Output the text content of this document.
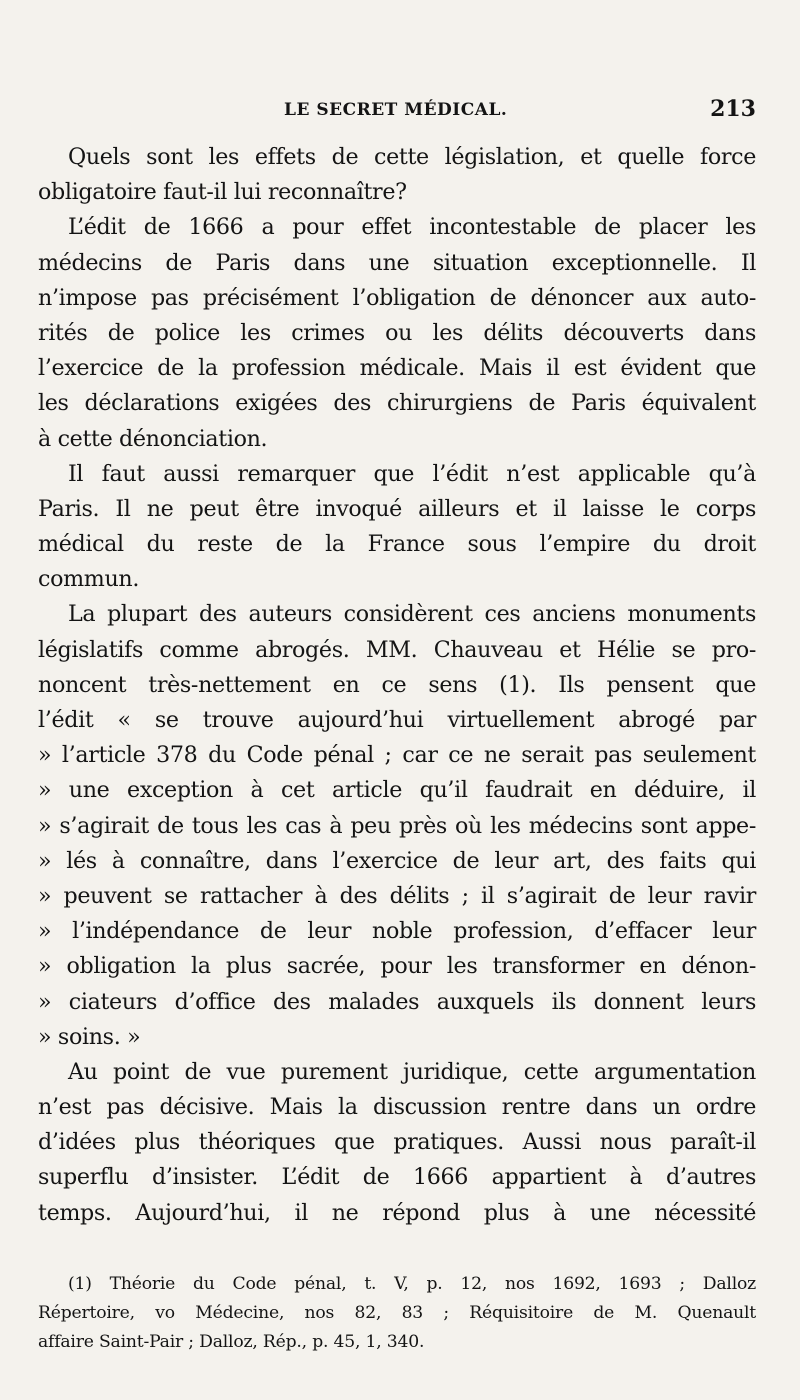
LE SECRET MÉDICAL.	213
Quels sont les effets de cette législation, et quelle force
obligatoire faut-il lui reconnaître?
L’édit de 1666 a pour effet incontestable de placer les
médecins de Paris dans une situation exceptionnelle. Il
n’impose pas précisément l’obligation de dénoncer aux auto-
rités de police les crimes ou les délits découverts dans
l’exercice de la profession médicale. Mais il est évident que
les déclarations exigées des chirurgiens de Paris équivalent
à cette dénonciation.
Il faut aussi remarquer que l’édit n’est applicable qu’à
Paris. Il ne peut être invoqué ailleurs et il laisse le corps
médical du reste de la France sous l’empire du droit
commun.
La plupart des auteurs considèrent ces anciens monuments
législatifs comme abrogés. MM. Chauveau et Hélie se pro-
noncent très-nettement en ce sens (1). Ils pensent que
l’édit « se trouve aujourd’hui virtuellement abrogé par
» l’article 378 du Code pénal ; car ce ne serait pas seulement
» une exception à cet article qu’il faudrait en déduire, il
» s’agirait de tous les cas à peu près où les médecins sont appe-
» lés à connaître, dans l’exercice de leur art, des faits qui
» peuvent se rattacher à des délits ; il s’agirait de leur ravir
» l’indépendance de leur noble profession, d’effacer leur
» obligation la plus sacrée, pour les transformer en dénon-
» ciateurs d’office des malades auxquels ils donnent leurs
» soins. »
Au point de vue purement juridique, cette argumentation
n’est pas décisive. Mais la discussion rentre dans un ordre
d’idées plus théoriques que pratiques. Aussi nous paraît-il
superflu d’insister. L’édit de 1666 appartient à d’autres
temps. Aujourd’hui, il ne répond plus à une nécessité
(1) Théorie du Code pénal, t. V, p. 12, nos 1692, 1693 ; Dalloz
Répertoire, vo Médecine, nos 82, 83 ; Réquisitoire de M. Quenault
affaire Saint-Pair ; Dalloz, Rép., p. 45, 1, 340.
